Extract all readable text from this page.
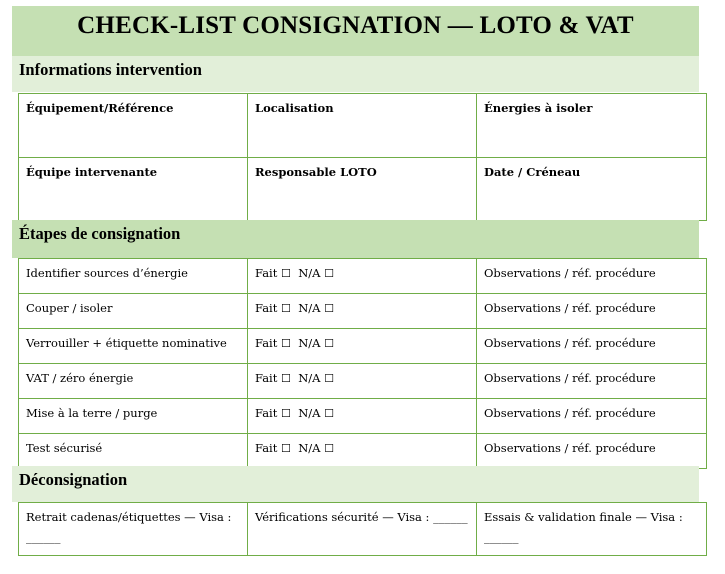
CHECK-LIST CONSIGNATION — LOTO & VAT
Informations intervention
Équipement/Référence	Localisation	Énergies à isoler
Équipe intervenante	Responsable LOTO	Date / Créneau
Étapes de consignation
Identifier sources d’énergie	Fait ☐ N/A ☐	Observations / réf. procédure
Couper / isoler	Fait ☐ N/A ☐	Observations / réf. procédure
Verrouiller + étiquette nominative	Fait ☐ N/A ☐	Observations / réf. procédure
VAT / zéro énergie	Fait ☐ N/A ☐	Observations / réf. procédure
Mise à la terre / purge	Fait ☐ N/A ☐	Observations / réf. procédure
Test sécurisé	Fait ☐ N/A ☐	Observations / réf. procédure
Déconsignation
Retrait cadenas/étiquettes — Visa : ______	Vérifications sécurité — Visa : ______	Essais & validation finale — Visa : ______
